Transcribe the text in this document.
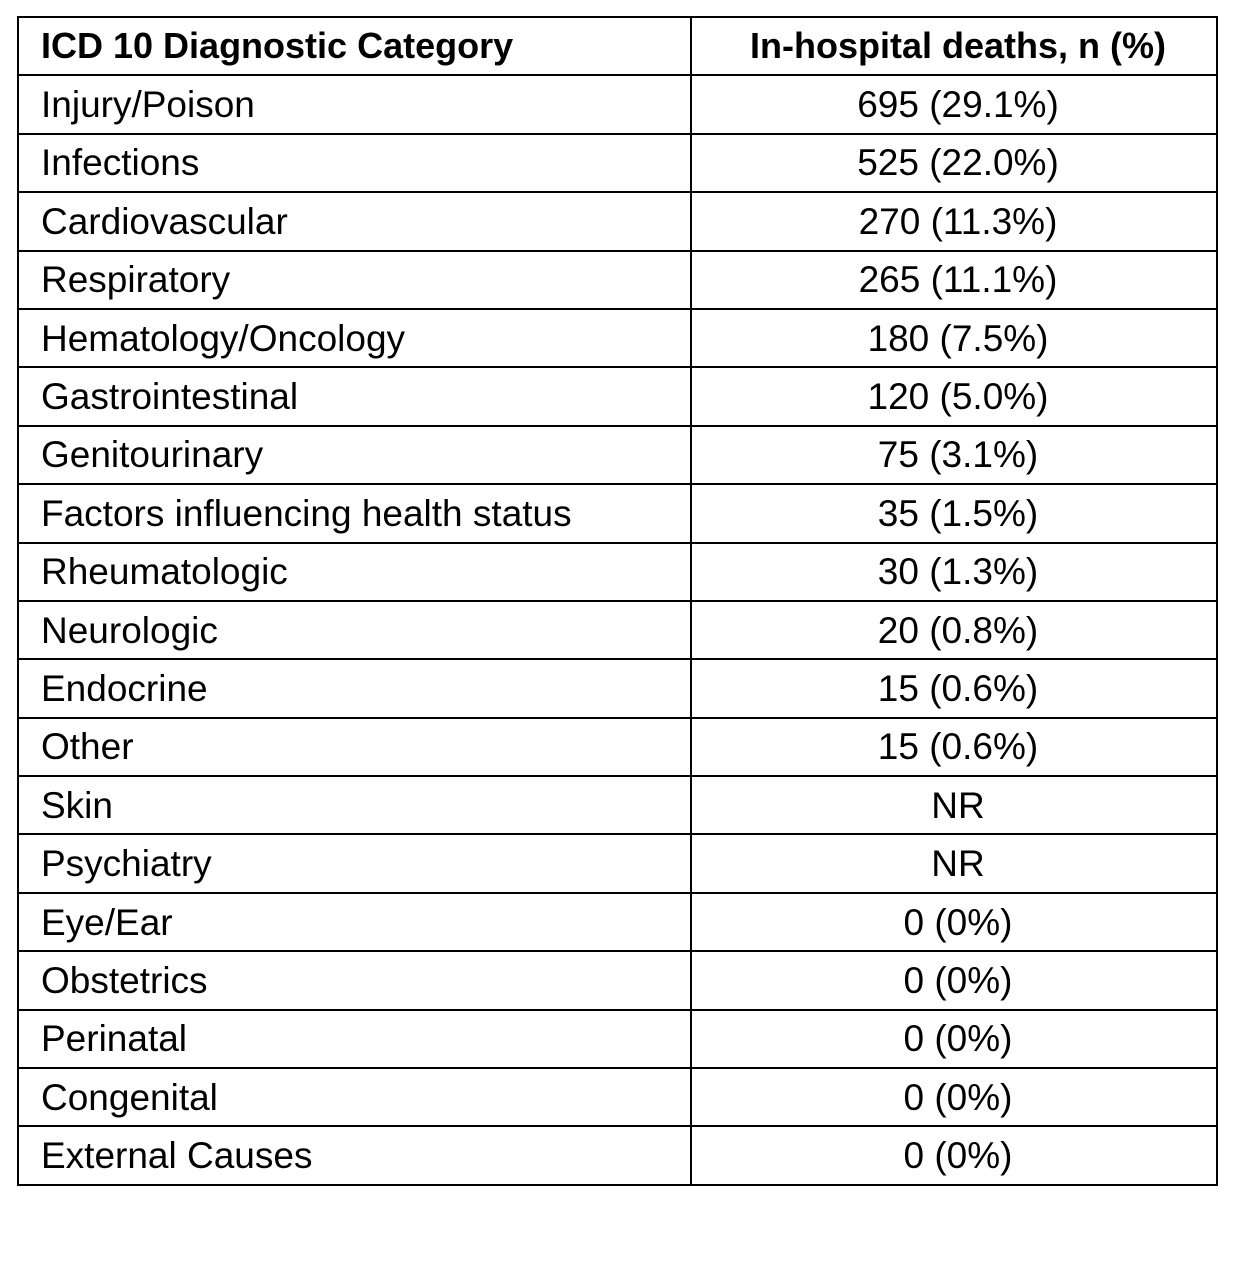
ICD 10 Diagnostic Category	In-hospital deaths, n (%)
Injury/Poison	695 (29.1%)
Infections	525 (22.0%)
Cardiovascular	270 (11.3%)
Respiratory	265 (11.1%)
Hematology/Oncology	180 (7.5%)
Gastrointestinal	120 (5.0%)
Genitourinary	75 (3.1%)
Factors influencing health status	35 (1.5%)
Rheumatologic	30 (1.3%)
Neurologic	20 (0.8%)
Endocrine	15 (0.6%)
Other	15 (0.6%)
Skin	NR
Psychiatry	NR
Eye/Ear	0 (0%)
Obstetrics	0 (0%)
Perinatal	0 (0%)
Congenital	0 (0%)
External Causes	0 (0%)
